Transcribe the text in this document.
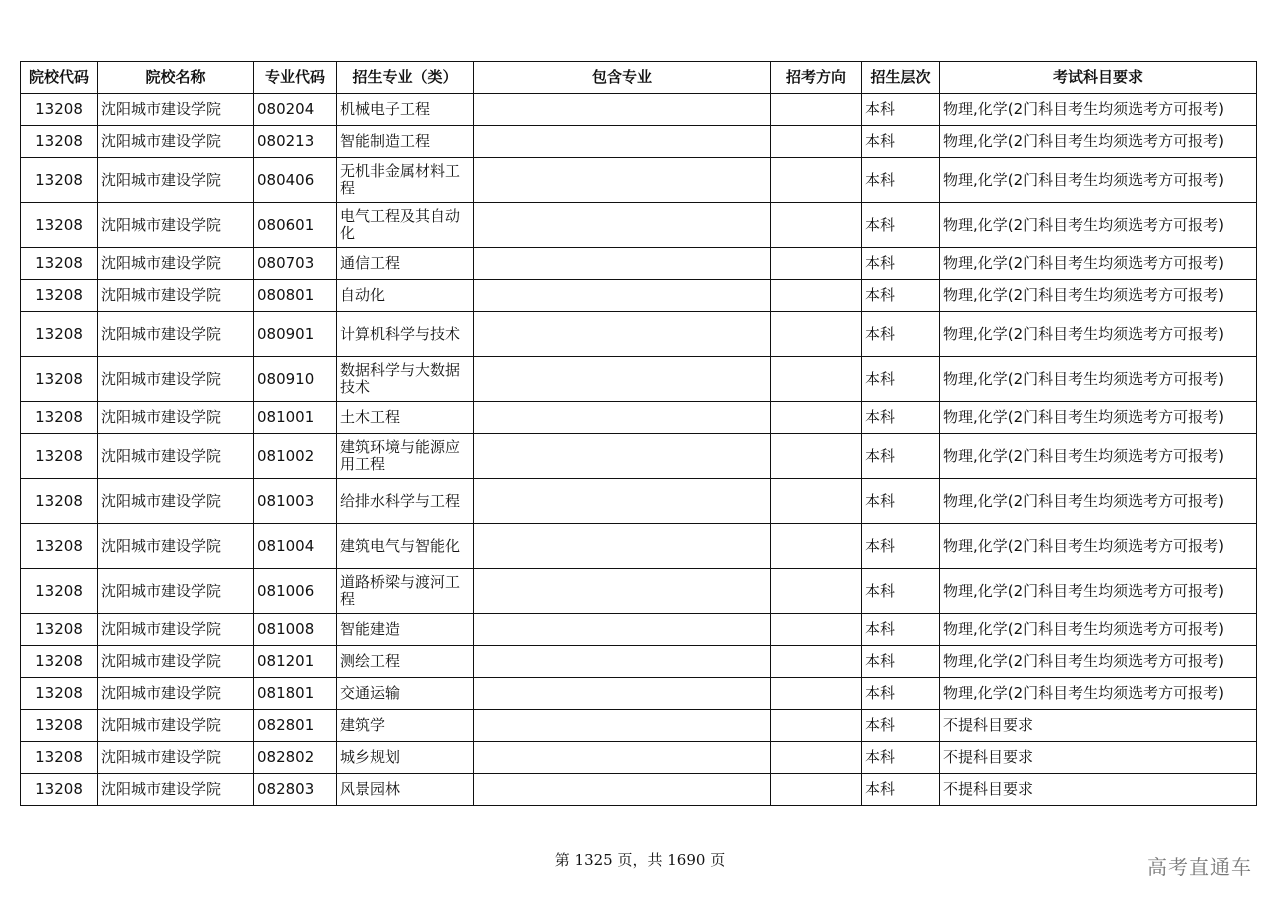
院校代码	院校名称	专业代码	招生专业（类）	包含专业	招考方向	招生层次	考试科目要求
13208	沈阳城市建设学院	080204	机械电子工程			本科	物理,化学(2门科目考生均须选考方可报考)
13208	沈阳城市建设学院	080213	智能制造工程			本科	物理,化学(2门科目考生均须选考方可报考)
13208	沈阳城市建设学院	080406	无机非金属材料工程			本科	物理,化学(2门科目考生均须选考方可报考)
13208	沈阳城市建设学院	080601	电气工程及其自动化			本科	物理,化学(2门科目考生均须选考方可报考)
13208	沈阳城市建设学院	080703	通信工程			本科	物理,化学(2门科目考生均须选考方可报考)
13208	沈阳城市建设学院	080801	自动化			本科	物理,化学(2门科目考生均须选考方可报考)
13208	沈阳城市建设学院	080901	计算机科学与技术			本科	物理,化学(2门科目考生均须选考方可报考)
13208	沈阳城市建设学院	080910	数据科学与大数据技术			本科	物理,化学(2门科目考生均须选考方可报考)
13208	沈阳城市建设学院	081001	土木工程			本科	物理,化学(2门科目考生均须选考方可报考)
13208	沈阳城市建设学院	081002	建筑环境与能源应用工程			本科	物理,化学(2门科目考生均须选考方可报考)
13208	沈阳城市建设学院	081003	给排水科学与工程			本科	物理,化学(2门科目考生均须选考方可报考)
13208	沈阳城市建设学院	081004	建筑电气与智能化			本科	物理,化学(2门科目考生均须选考方可报考)
13208	沈阳城市建设学院	081006	道路桥梁与渡河工程			本科	物理,化学(2门科目考生均须选考方可报考)
13208	沈阳城市建设学院	081008	智能建造			本科	物理,化学(2门科目考生均须选考方可报考)
13208	沈阳城市建设学院	081201	测绘工程			本科	物理,化学(2门科目考生均须选考方可报考)
13208	沈阳城市建设学院	081801	交通运输			本科	物理,化学(2门科目考生均须选考方可报考)
13208	沈阳城市建设学院	082801	建筑学			本科	不提科目要求
13208	沈阳城市建设学院	082802	城乡规划			本科	不提科目要求
13208	沈阳城市建设学院	082803	风景园林			本科	不提科目要求
第 1325 页，共 1690 页	高考直通车
